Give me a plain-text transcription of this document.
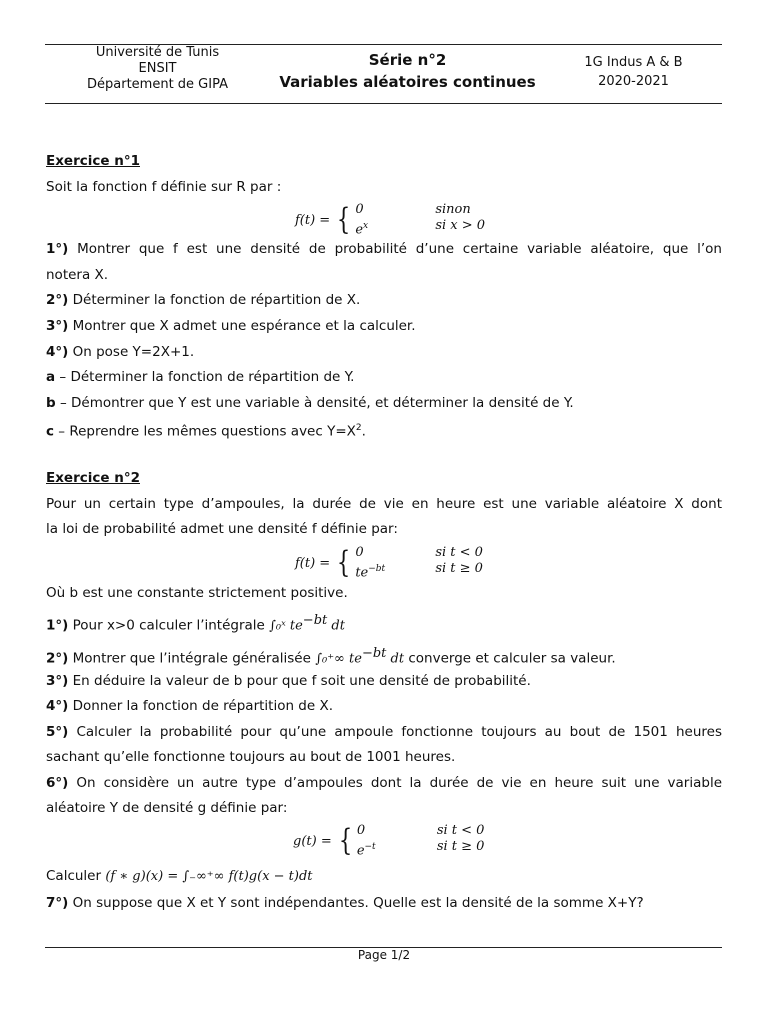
Université de Tunis
ENSIT
Département de GIPA
Série n°2
Variables aléatoires continues
1G Indus A & B
2020-2021
Exercice n°1
Soit la fonction f définie sur R par :
f(t) = { 0	sinon
$e^x$	si x > 0
1°) Montrer que f est une densité de probabilité d’une certaine variable aléatoire, que l’on
notera X.
2°) Déterminer la fonction de répartition de X.
3°) Montrer que X admet une espérance et la calculer.
4°) On pose Y=2X+1.
a – Déterminer la fonction de répartition de Y.
b – Démontrer que Y est une variable à densité, et déterminer la densité de Y.
c – Reprendre les mêmes questions avec $Y=X^2$.
Exercice n°2
Pour un certain type d’ampoules, la durée de vie en heure est une variable aléatoire X dont
la loi de probabilité admet une densité f définie par:
f(t) = { 0	si t < 0
$te^{-bt}$	si t ≥ 0
Où b est une constante strictement positive.
1°) Pour x>0 calculer l’intégrale ∫₀ˣ $te^{-bt}$ dt
2°) Montrer que l’intégrale généralisée ∫₀⁺∞ $te^{-bt}$ dt converge et calculer sa valeur.
3°) En déduire la valeur de b pour que f soit une densité de probabilité.
4°) Donner la fonction de répartition de X.
5°) Calculer la probabilité pour qu’une ampoule fonctionne toujours au bout de 1501 heures
sachant qu’elle fonctionne toujours au bout de 1001 heures.
6°) On considère un autre type d’ampoules dont la durée de vie en heure suit une variable
aléatoire Y de densité g définie par:
g(t) = { 0	si t < 0
$e^{-t}$	si t ≥ 0
Calculer (f ∗ g)(x) = ∫₋∞⁺∞ f(t)g(x − t)dt
7°) On suppose que X et Y sont indépendantes. Quelle est la densité de la somme X+Y?
Page 1/2
